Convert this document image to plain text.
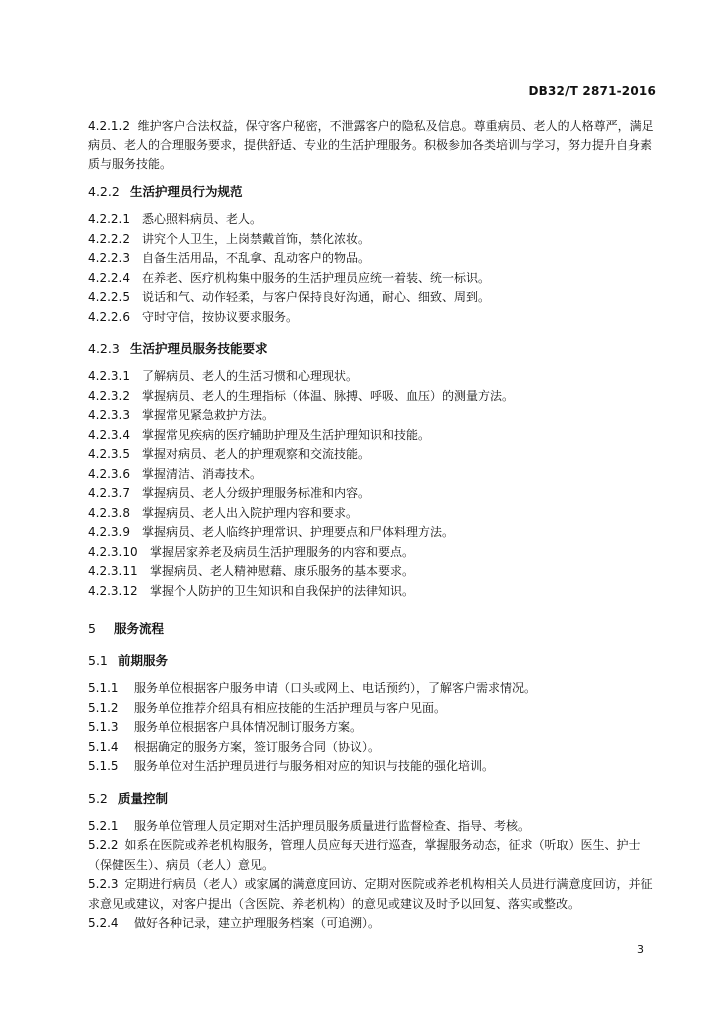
DB32/T 2871-2016

4.2.1.2 维护客户合法权益，保守客户秘密，不泄露客户的隐私及信息。尊重病员、老人的人格尊严，满足病员、老人的合理服务要求，提供舒适、专业的生活护理服务。积极参加各类培训与学习，努力提升自身素质与服务技能。

4.2.2 生活护理员行为规范
4.2.2.1 悉心照料病员、老人。
4.2.2.2 讲究个人卫生，上岗禁戴首饰，禁化浓妆。
4.2.2.3 自备生活用品，不乱拿、乱动客户的物品。
4.2.2.4 在养老、医疗机构集中服务的生活护理员应统一着装、统一标识。
4.2.2.5 说话和气、动作轻柔，与客户保持良好沟通，耐心、细致、周到。
4.2.2.6 守时守信，按协议要求服务。
4.2.3 生活护理员服务技能要求
4.2.3.1 了解病员、老人的生活习惯和心理现状。
4.2.3.2 掌握病员、老人的生理指标（体温、脉搏、呼吸、血压）的测量方法。
4.2.3.3 掌握常见紧急救护方法。
4.2.3.4 掌握常见疾病的医疗辅助护理及生活护理知识和技能。
4.2.3.5 掌握对病员、老人的护理观察和交流技能。
4.2.3.6 掌握清洁、消毒技术。
4.2.3.7 掌握病员、老人分级护理服务标准和内容。
4.2.3.8 掌握病员、老人出入院护理内容和要求。
4.2.3.9 掌握病员、老人临终护理常识、护理要点和尸体料理方法。
4.2.3.10 掌握居家养老及病员生活护理服务的内容和要点。
4.2.3.11 掌握病员、老人精神慰藉、康乐服务的基本要求。
4.2.3.12 掌握个人防护的卫生知识和自我保护的法律知识。
5 服务流程
5.1 前期服务
5.1.1 服务单位根据客户服务申请（口头或网上、电话预约），了解客户需求情况。
5.1.2 服务单位推荐介绍具有相应技能的生活护理员与客户见面。
5.1.3 服务单位根据客户具体情况制订服务方案。
5.1.4 根据确定的服务方案，签订服务合同（协议）。
5.1.5 服务单位对生活护理员进行与服务相对应的知识与技能的强化培训。
5.2 质量控制
5.2.1 服务单位管理人员定期对生活护理员服务质量进行监督检查、指导、考核。
5.2.2 如系在医院或养老机构服务，管理人员应每天进行巡查，掌握服务动态，征求（听取）医生、护士（保健医生）、病员（老人）意见。
5.2.3 定期进行病员（老人）或家属的满意度回访、定期对医院或养老机构相关人员进行满意度回访，并征求意见或建议，对客户提出（含医院、养老机构）的意见或建议及时予以回复、落实或整改。
5.2.4 做好各种记录，建立护理服务档案（可追溯）。
3
